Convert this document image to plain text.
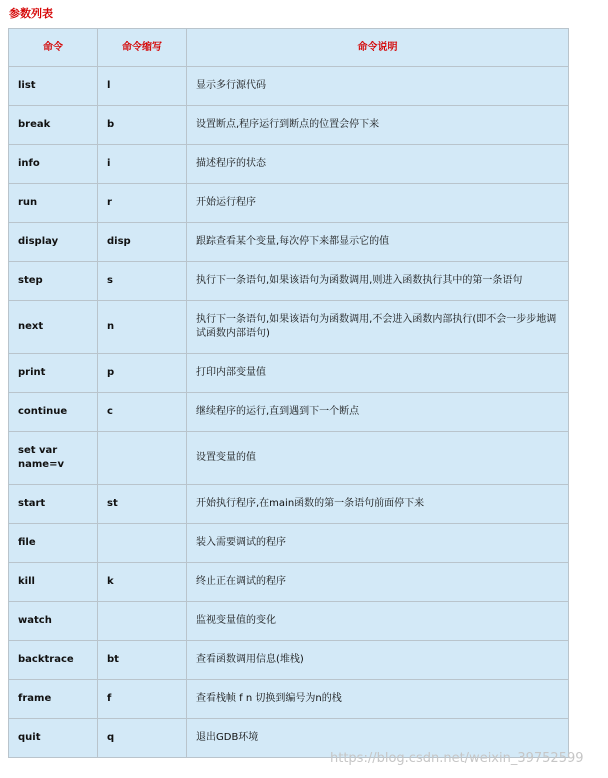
参数列表
命令	命令缩写	命令说明
list	l	显示多行源代码
break	b	设置断点,程序运行到断点的位置会停下来
info	i	描述程序的状态
run	r	开始运行程序
display	disp	跟踪查看某个变量,每次停下来都显示它的值
step	s	执行下一条语句,如果该语句为函数调用,则进入函数执行其中的第一条语句
next	n	执行下一条语句,如果该语句为函数调用,不会进入函数内部执行(即不会一步步地调试函数内部语句)
print	p	打印内部变量值
continue	c	继续程序的运行,直到遇到下一个断点
set var name=v		设置变量的值
start	st	开始执行程序,在main函数的第一条语句前面停下来
file		装入需要调试的程序
kill	k	终止正在调试的程序
watch		监视变量值的变化
backtrace	bt	查看函数调用信息(堆栈)
frame	f	查看栈帧 f n 切换到编号为n的栈
quit	q	退出GDB环境
https://blog.csdn.net/weixin_39752599
